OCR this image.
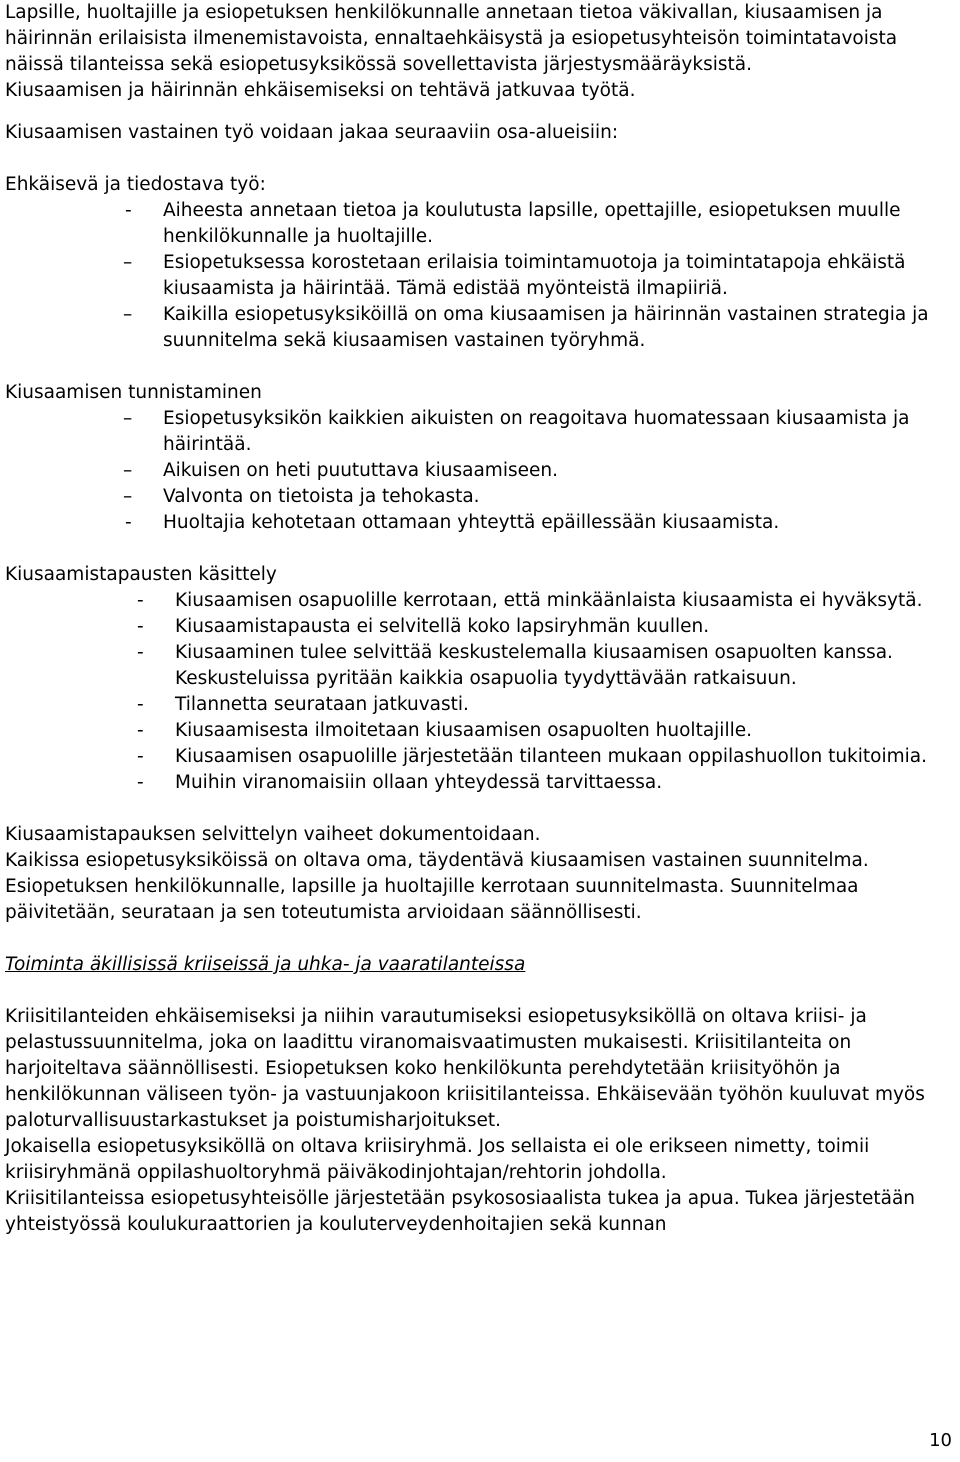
Lapsille, huoltajille ja esiopetuksen henkilökunnalle annetaan tietoa väkivallan, kiusaamisen ja häirinnän erilaisista ilmenemistavoista, ennaltaehkäisystä ja esiopetusyhteisön toimintatavoista näissä tilanteissa sekä esiopetusyksikössä sovellettavista järjestysmääräyksistä.

Kiusaamisen ja häirinnän ehkäisemiseksi on tehtävä jatkuvaa työtä.

Kiusaamisen vastainen työ voidaan jakaa seuraaviin osa-alueisiin:

Ehkäisevä ja tiedostava työ:

- Aiheesta annetaan tietoa ja koulutusta lapsille, opettajille, esiopetuksen muulle henkilökunnalle ja huoltajille.
– Esiopetuksessa korostetaan erilaisia toimintamuotoja ja toimintatapoja ehkäistä kiusaamista ja häirintää. Tämä edistää myönteistä ilmapiiriä.
– Kaikilla esiopetusyksiköillä on oma kiusaamisen ja häirinnän vastainen strategia ja suunnitelma sekä kiusaamisen vastainen työryhmä.

Kiusaamisen tunnistaminen

– Esiopetusyksikön kaikkien aikuisten on reagoitava huomatessaan kiusaamista ja häirintää.
– Aikuisen on heti puututtava kiusaamiseen.
– Valvonta on tietoista ja tehokasta.
- Huoltajia kehotetaan ottamaan yhteyttä epäillessään kiusaamista.

Kiusaamistapausten käsittely

- Kiusaamisen osapuolille kerrotaan, että minkäänlaista kiusaamista ei hyväksytä.
- Kiusaamistapausta ei selvitellä koko lapsiryhmän kuullen.
- Kiusaaminen tulee selvittää keskustelemalla kiusaamisen osapuolten kanssa. Keskusteluissa pyritään kaikkia osapuolia tyydyttävään ratkaisuun.
- Tilannetta seurataan jatkuvasti.
- Kiusaamisesta ilmoitetaan kiusaamisen osapuolten huoltajille.
- Kiusaamisen osapuolille järjestetään tilanteen mukaan oppilashuollon tukitoimia.
- Muihin viranomaisiin ollaan yhteydessä tarvittaessa.

Kiusaamistapauksen selvittelyn vaiheet dokumentoidaan.

Kaikissa esiopetusyksiköissä on oltava oma, täydentävä kiusaamisen vastainen suunnitelma. Esiopetuksen henkilökunnalle, lapsille ja huoltajille kerrotaan suunnitelmasta. Suunnitelmaa päivitetään, seurataan ja sen toteutumista arvioidaan säännöllisesti.

Toiminta äkillisissä kriiseissä ja uhka- ja vaaratilanteissa

Kriisitilanteiden ehkäisemiseksi ja niihin varautumiseksi esiopetusyksiköllä on oltava kriisi- ja pelastussuunnitelma, joka on laadittu viranomaisvaatimusten mukaisesti. Kriisitilanteita on harjoiteltava säännöllisesti. Esiopetuksen koko henkilökunta perehdytetään kriisityöhön ja henkilökunnan väliseen työn- ja vastuunjakoon kriisitilanteissa. Ehkäisevään työhön kuuluvat myös paloturvallisuustarkastukset ja poistumisharjoitukset.

Jokaisella esiopetusyksiköllä on oltava kriisiryhmä. Jos sellaista ei ole erikseen nimetty, toimii kriisiryhmänä oppilashuoltoryhmä päiväkodinjohtajan/rehtorin johdolla.

Kriisitilanteissa esiopetusyhteisölle järjestetään psykososiaalista tukea ja apua. Tukea järjestetään yhteistyössä koulukuraattorien ja kouluterveydenhoitajien sekä kunnan

10
